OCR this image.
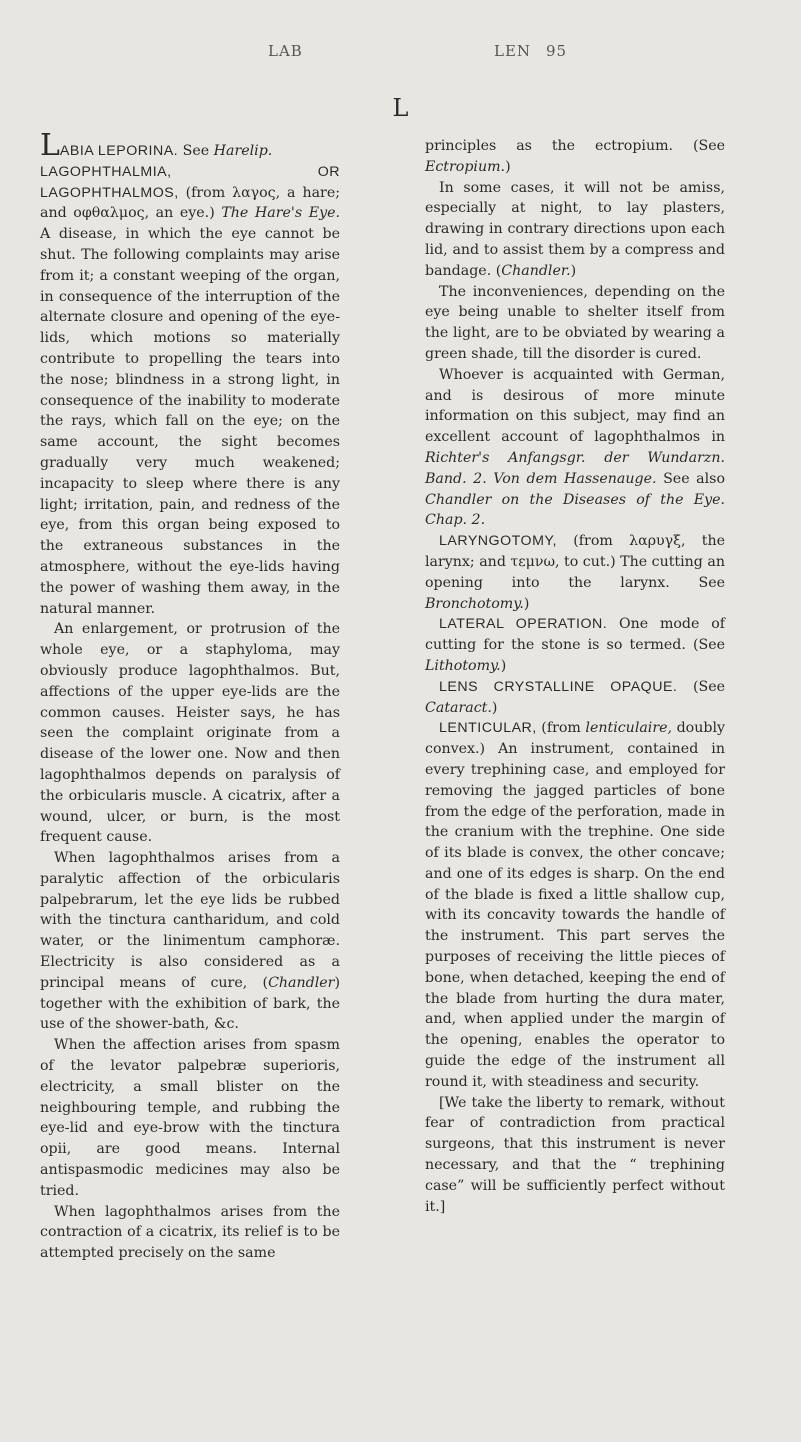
LAB	LEN 95
L

LABIA LEPORINA. See Harelip.

LAGOPHTHALMIA, OR LAGOPHTHALMOS, (from λαγος, a hare; and οφθαλμος, an eye.) The Hare's Eye. A disease, in which the eye cannot be shut. The following complaints may arise from it; a constant weeping of the organ, in consequence of the interruption of the alternate closure and opening of the eye-lids, which motions so materially contribute to propelling the tears into the nose; blindness in a strong light, in consequence of the inability to moderate the rays, which fall on the eye; on the same account, the sight becomes gradually very much weakened; incapacity to sleep where there is any light; irritation, pain, and redness of the eye, from this organ being exposed to the extraneous substances in the atmosphere, without the eye-lids having the power of washing them away, in the natural manner.

An enlargement, or protrusion of the whole eye, or a staphyloma, may obviously produce lagophthalmos. But, affections of the upper eye-lids are the common causes. Heister says, he has seen the complaint originate from a disease of the lower one. Now and then lagophthalmos depends on paralysis of the orbicularis muscle. A cicatrix, after a wound, ulcer, or burn, is the most frequent cause.

When lagophthalmos arises from a paralytic affection of the orbicularis palpebrarum, let the eye lids be rubbed with the tinctura cantharidum, and cold water, or the linimentum camphoræ. Electricity is also considered as a principal means of cure, (Chandler) together with the exhibition of bark, the use of the shower-bath, &c.

When the affection arises from spasm of the levator palpebræ superioris, electricity, a small blister on the neighbouring temple, and rubbing the eye-lid and eye-brow with the tinctura opii, are good means. Internal antispasmodic medicines may also be tried.

When lagophthalmos arises from the contraction of a cicatrix, its relief is to be attempted precisely on the same

principles as the ectropium. (See Ectropium.)

In some cases, it will not be amiss, especially at night, to lay plasters, drawing in contrary directions upon each lid, and to assist them by a compress and bandage. (Chandler.)

The inconveniences, depending on the eye being unable to shelter itself from the light, are to be obviated by wearing a green shade, till the disorder is cured.

Whoever is acquainted with German, and is desirous of more minute information on this subject, may find an excellent account of lagophthalmos in Richter's Anfangsgr. der Wundarzn. Band. 2. Von dem Hassenauge. See also Chandler on the Diseases of the Eye. Chap. 2.

LARYNGOTOMY, (from λαρυγξ, the larynx; and τεμνω, to cut.) The cutting an opening into the larynx. See Bronchotomy.)

LATERAL OPERATION. One mode of cutting for the stone is so termed. (See Lithotomy.)

LENS CRYSTALLINE OPAQUE. (See Cataract.)

LENTICULAR, (from lenticulaire, doubly convex.) An instrument, contained in every trephining case, and employed for removing the jagged particles of bone from the edge of the perforation, made in the cranium with the trephine. One side of its blade is convex, the other concave; and one of its edges is sharp. On the end of the blade is fixed a little shallow cup, with its concavity towards the handle of the instrument. This part serves the purposes of receiving the little pieces of bone, when detached, keeping the end of the blade from hurting the dura mater, and, when applied under the margin of the opening, enables the operator to guide the edge of the instrument all round it, with steadiness and security.

[We take the liberty to remark, without fear of contradiction from practical surgeons, that this instrument is never necessary, and that the “ trephining case” will be sufficiently perfect without it.]
